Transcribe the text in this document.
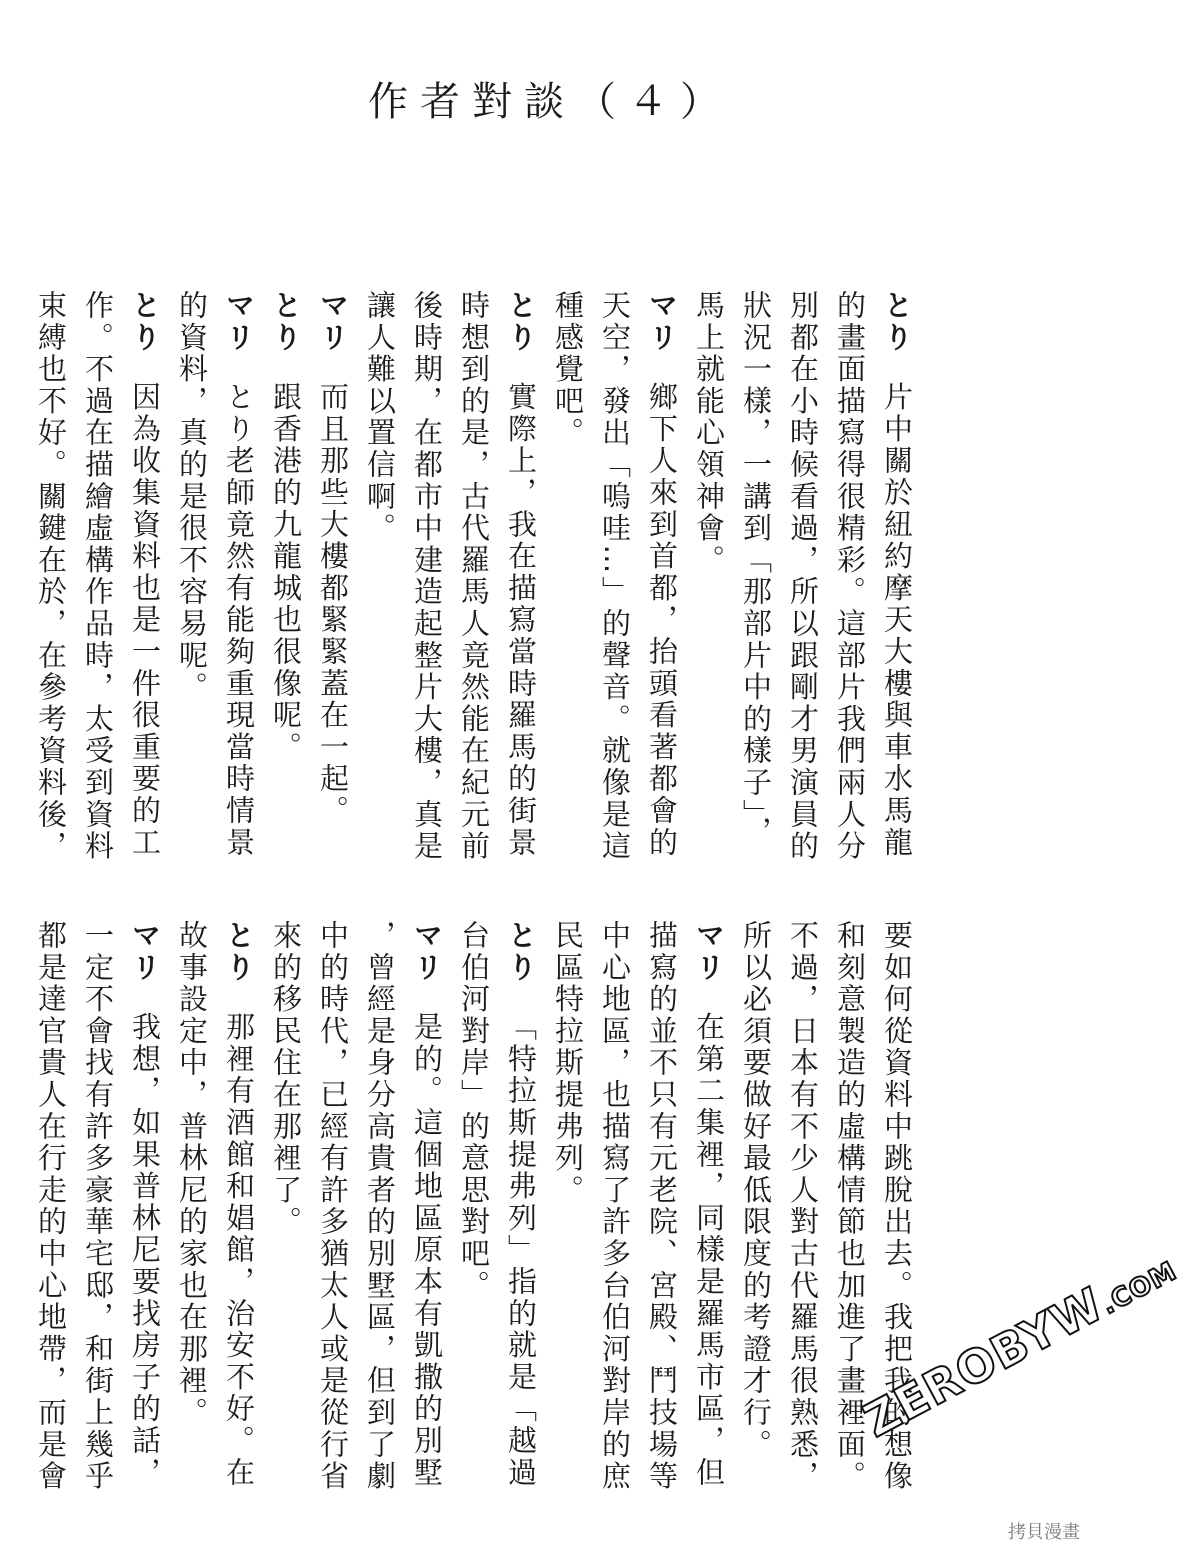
作者對談（４）
とり片中關於紐約摩天大樓與車水馬龍
的畫面描寫得很精彩。這部片我們兩人分
別都在小時候看過，所以跟剛才男演員的
狀況一樣，一講到「那部片中的樣子」，
馬上就能心領神會。
マリ鄉下人來到首都，抬頭看著都會的
天空，發出「嗚哇…」的聲音。就像是這
種感覺吧。
とり實際上，我在描寫當時羅馬的街景
時想到的是，古代羅馬人竟然能在紀元前
後時期，在都市中建造起整片大樓，真是
讓人難以置信啊。
マリ而且那些大樓都緊緊蓋在一起。
とり跟香港的九龍城也很像呢。
マリとり老師竟然有能夠重現當時情景
的資料，真的是很不容易呢。
とり因為收集資料也是一件很重要的工
作。不過在描繪虛構作品時，太受到資料
束縛也不好。關鍵在於，在參考資料後，
要如何從資料中跳脫出去。我把我的想像
和刻意製造的虛構情節也加進了畫裡面。
不過，日本有不少人對古代羅馬很熟悉，
所以必須要做好最低限度的考證才行。
マリ在第二集裡，同樣是羅馬市區，但
描寫的並不只有元老院、宮殿、鬥技場等
中心地區，也描寫了許多台伯河對岸的庶
民區特拉斯提弗列。
とり「特拉斯提弗列」指的就是「越過
台伯河對岸」的意思對吧。
マリ是的。這個地區原本有凱撒的別墅
，曾經是身分高貴者的別墅區，但到了劇
中的時代，已經有許多猶太人或是從行省
來的移民住在那裡了。
とり那裡有酒館和娼館，治安不好。在
故事設定中，普林尼的家也在那裡。
マリ我想，如果普林尼要找房子的話，
一定不會找有許多豪華宅邸，和街上幾乎
都是達官貴人在行走的中心地帶，而是會	ZEROBYW.COM
拷貝漫畫
